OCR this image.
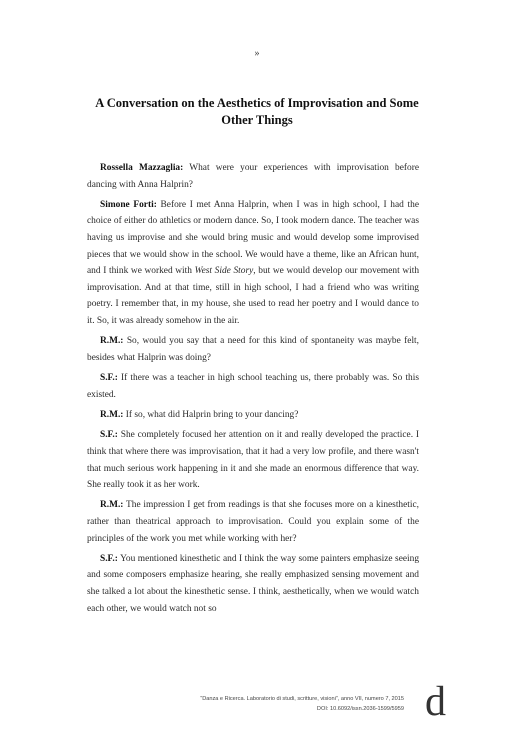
»
A Conversation on the Aesthetics of Improvisation and Some
Other Things

Rossella Mazzaglia: What were your experiences with improvisation before dancing with Anna Halprin?

Simone Forti: Before I met Anna Halprin, when I was in high school, I had the choice of either do athletics or modern dance. So, I took modern dance. The teacher was having us improvise and she would bring music and would develop some improvised pieces that we would show in the school. We would have a theme, like an African hunt, and I think we worked with West Side Story, but we would develop our movement with improvisation. And at that time, still in high school, I had a friend who was writing poetry. I remember that, in my house, she used to read her poetry and I would dance to it. So, it was already somehow in the air.

R.M.: So, would you say that a need for this kind of spontaneity was maybe felt, besides what Halprin was doing?

S.F.: If there was a teacher in high school teaching us, there probably was. So this existed.

R.M.: If so, what did Halprin bring to your dancing?

S.F.: She completely focused her attention on it and really developed the practice. I think that where there was improvisation, that it had a very low profile, and there wasn't that much serious work happening in it and she made an enormous difference that way. She really took it as her work.

R.M.: The impression I get from readings is that she focuses more on a kinesthetic, rather than theatrical approach to improvisation. Could you explain some of the principles of the work you met while working with her?

S.F.: You mentioned kinesthetic and I think the way some painters emphasize seeing and some composers emphasize hearing, she really emphasized sensing movement and she talked a lot about the kinesthetic sense. I think, aesthetically, when we would watch each other, we would watch not so

“Danza e Ricerca. Laboratorio di studi, scritture, visioni”, anno VII, numero 7, 2015
DOI: 10.6092/issn.2036-1599/5959 d
